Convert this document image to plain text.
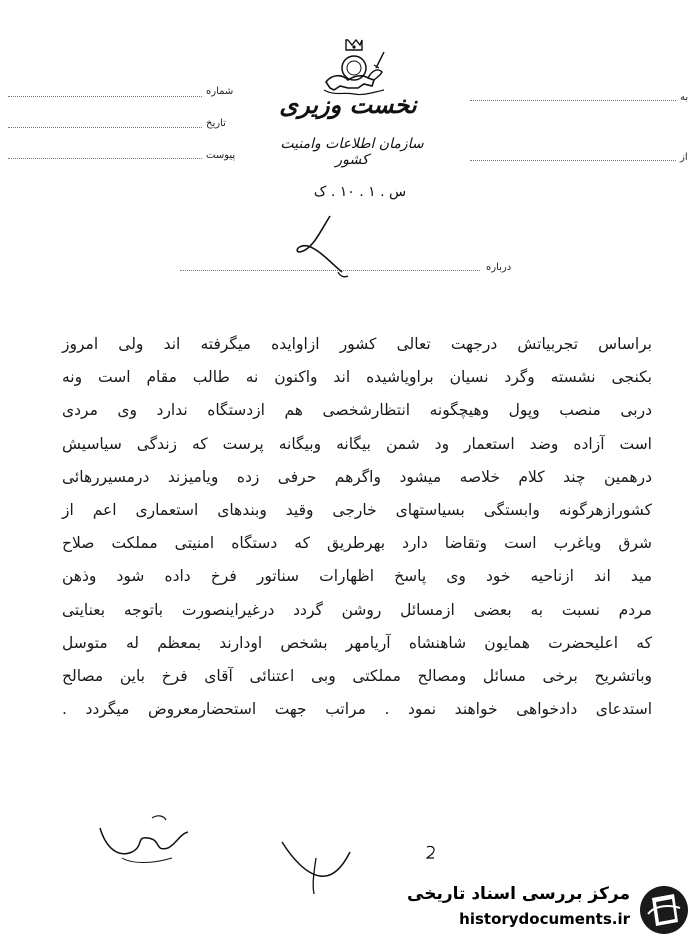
نخست وزیری
سازمان اطلاعات وامنیت کشور
س . ۱ . ۱۰ . ک
شماره
تاریخ
پیوست
به
از
درباره
براساس تجربیاتش درجهت تعالی کشور ازاوایده میگرفته اند ولی امروز
بکنجی نشسته وگرد نسیان براویاشیده اند واکنون نه طالب مقام است ونه
دربی منصب وپول وهیچگونه انتظارشخصی هم ازدستگاه ندارد وی مردی
است آزاده وضد استعمار ود شمن بیگانه وبیگانه پرست که زندگی سیاسیش
درهمین چند کلام خلاصه میشود واگرهم حرفی زده ویامیزند درمسیررهائی
کشورازهرگونه وابستگی بسیاستهای خارجی وقید وبندهای استعماری اعم از
شرق ویاغرب است وتقاضا دارد بهرطریق که دستگاه امنیتی مملکت صلاح
مید اند ازناحیه خود وی پاسخ اظهارات سناتور فرخ داده شود وذهن
مردم نسبت به بعضی ازمسائل روشن گردد درغیراینصورت باتوجه بعنایتی
که اعلیحضرت همایون شاهنشاه آریامهر بشخص اودارند بمعظم له متوسل
وباتشریح برخی مسائل ومصالح مملکتی وبی اعتنائی آقای فرخ باین مصالح
استدعای دادخواهی خواهند نمود . مراتب جهت استحضارمعروض میگردد .
مرکز بررسی اسناد تاریخی
historydocuments.ir
